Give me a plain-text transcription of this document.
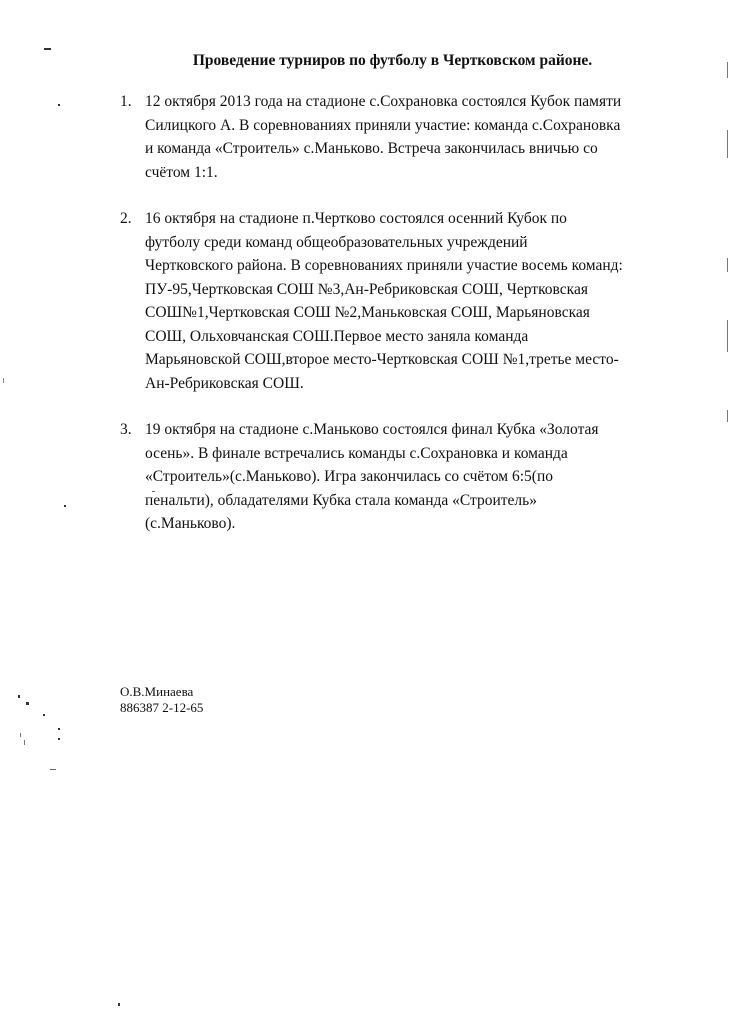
Проведение турниров по футболу в Чертковском районе.
1. 12 октября 2013 года на стадионе с.Сохрановка состоялся Кубок памяти
Силицкого А. В соревнованиях приняли участие: команда с.Сохрановка
и команда «Строитель» с.Маньково. Встреча закончилась вничью со
счётом 1:1.
2. 16 октября на стадионе п.Чертково состоялся осенний Кубок по
футболу среди команд общеобразовательных учреждений
Чертковского района. В соревнованиях приняли участие восемь команд:
ПУ-95,Чертковская СОШ №3,Ан-Ребриковская СОШ, Чертковская
СОШ№1,Чертковская СОШ №2,Маньковская СОШ, Марьяновская
СОШ, Ольховчанская СОШ.Первое место заняла команда
Марьяновской СОШ,второе место-Чертковская СОШ №1,третье место-
Ан-Ребриковская СОШ.
3. 19 октября на стадионе с.Маньково состоялся финал Кубка «Золотая
осень». В финале встречались команды с.Сохрановка и команда
«Строитель»(с.Маньково). Игра закончилась со счётом 6:5(по
пенальти), обладателями Кубка стала команда «Строитель»
(с.Маньково).
О.В.Минаева
886387 2-12-65
